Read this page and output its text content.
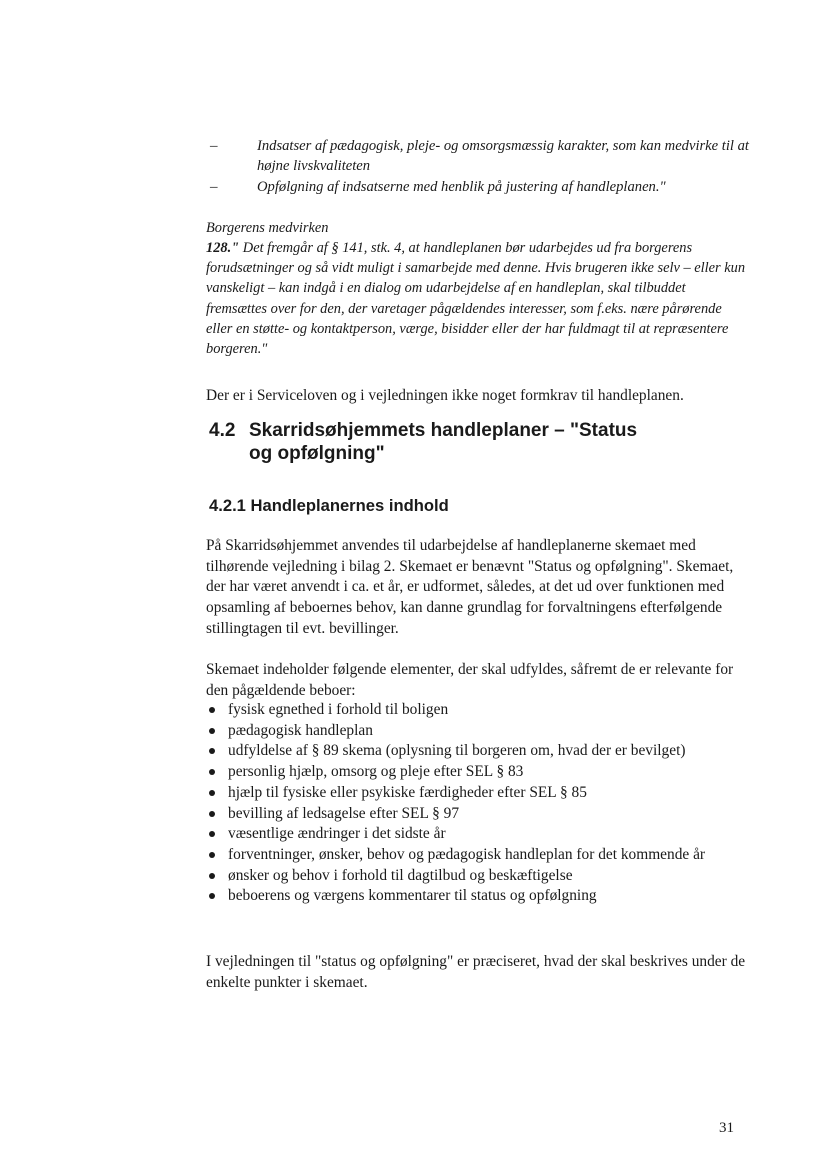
–	Indsatser af pædagogisk, pleje- og omsorgsmæssig karakter, som kan medvirke til at højne livskvaliteten
–	Opfølgning af indsatserne med henblik på justering af handleplanen."
Borgerens medvirken
128." Det fremgår af § 141, stk. 4, at handleplanen bør udarbejdes ud fra borgerens forudsætninger og så vidt muligt i samarbejde med denne. Hvis brugeren ikke selv – eller kun vanskeligt – kan indgå i en dialog om udarbejdelse af en handleplan, skal tilbuddet fremsættes over for den, der varetager pågældendes interesser, som f.eks. nære pårørende eller en støtte- og kontaktperson, værge, bisidder eller der har fuldmagt til at repræsentere borgeren."
Der er i Serviceloven og i vejledningen ikke noget formkrav til handleplanen.
4.2 Skarridsøhjemmets handleplaner – "Status
og opfølgning"
4.2.1 Handleplanernes indhold
På Skarridsøhjemmet anvendes til udarbejdelse af handleplanerne skemaet med tilhørende vejledning i bilag 2. Skemaet er benævnt "Status og opfølgning". Skemaet, der har været anvendt i ca. et år, er udformet, således, at det ud over funktionen med opsamling af beboernes behov, kan danne grundlag for forvaltningens efterfølgende stillingtagen til evt. bevillinger.
Skemaet indeholder følgende elementer, der skal udfyldes, såfremt de er relevante for den pågældende beboer:
fysisk egnethed i forhold til boligen
pædagogisk handleplan
udfyldelse af § 89 skema (oplysning til borgeren om, hvad der er bevilget)
personlig hjælp, omsorg og pleje efter SEL § 83
hjælp til fysiske eller psykiske færdigheder efter SEL § 85
bevilling af ledsagelse efter SEL § 97
væsentlige ændringer i det sidste år
forventninger, ønsker, behov og pædagogisk handleplan for det kommende år
ønsker og behov i forhold til dagtilbud og beskæftigelse
beboerens og værgens kommentarer til status og opfølgning
I vejledningen til "status og opfølgning" er præciseret, hvad der skal beskrives under de enkelte punkter i skemaet.
31
